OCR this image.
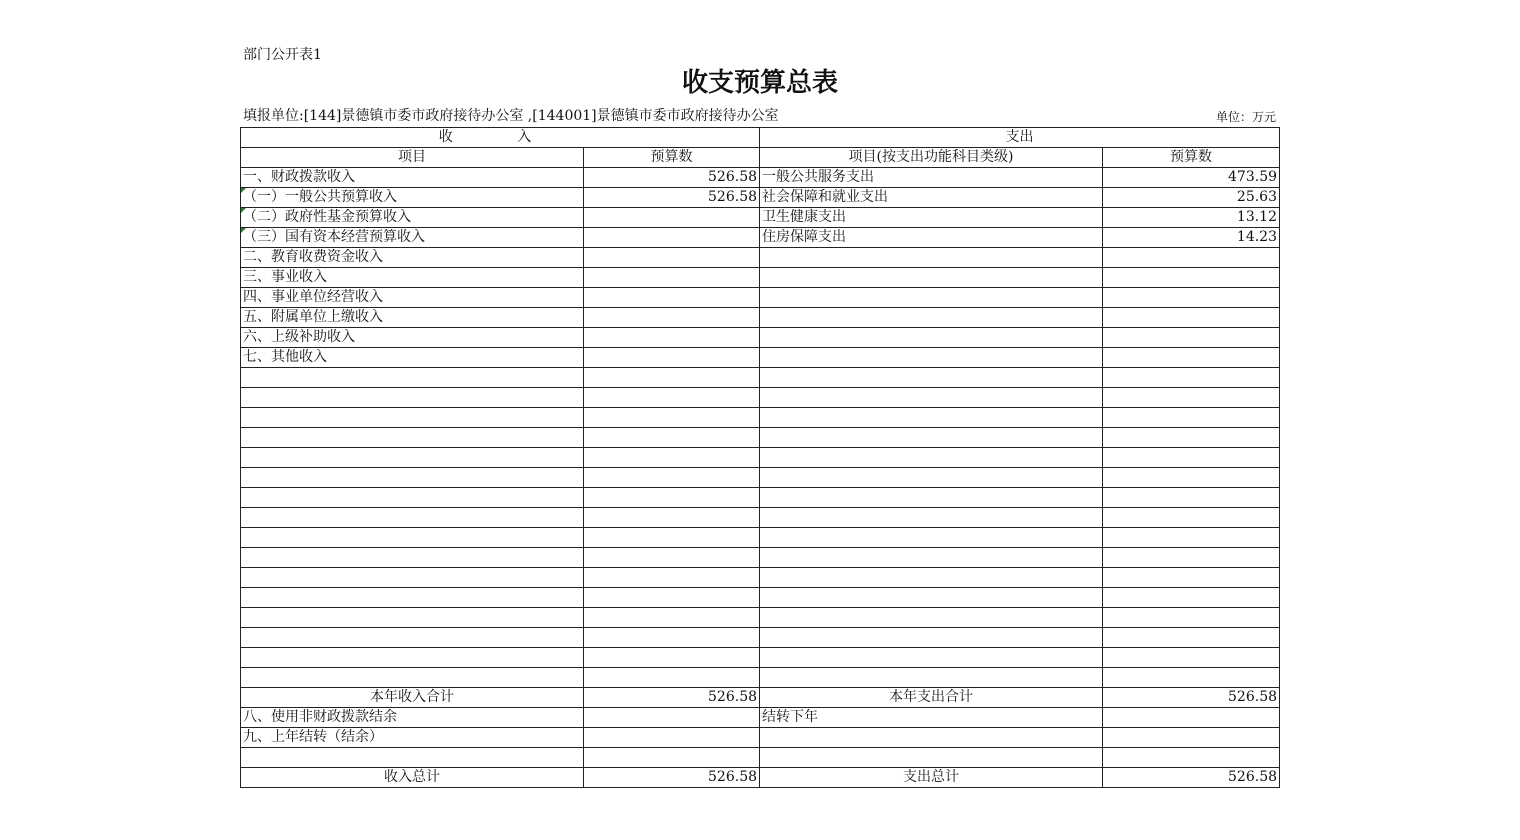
部门公开表1
收支预算总表
填报单位:[144]景德镇市委市政府接待办公室 ,[144001]景德镇市委市政府接待办公室	单位：万元
收 入		支出	
项目	预算数	项目(按支出功能科目类级)	预算数
一、财政拨款收入	526.58	一般公共服务支出	473.59
（一）一般公共预算收入	526.58	社会保障和就业支出	25.63
（二）政府性基金预算收入		卫生健康支出	13.12
（三）国有资本经营预算收入		住房保障支出	14.23
二、教育收费资金收入			
三、事业收入			
四、事业单位经营收入			
五、附属单位上缴收入			
六、上级补助收入			
七、其他收入			

本年收入合计	526.58	本年支出合计	526.58
八、使用非财政拨款结余		结转下年	
九、上年结转（结余）			

收入总计	526.58	支出总计	526.58
